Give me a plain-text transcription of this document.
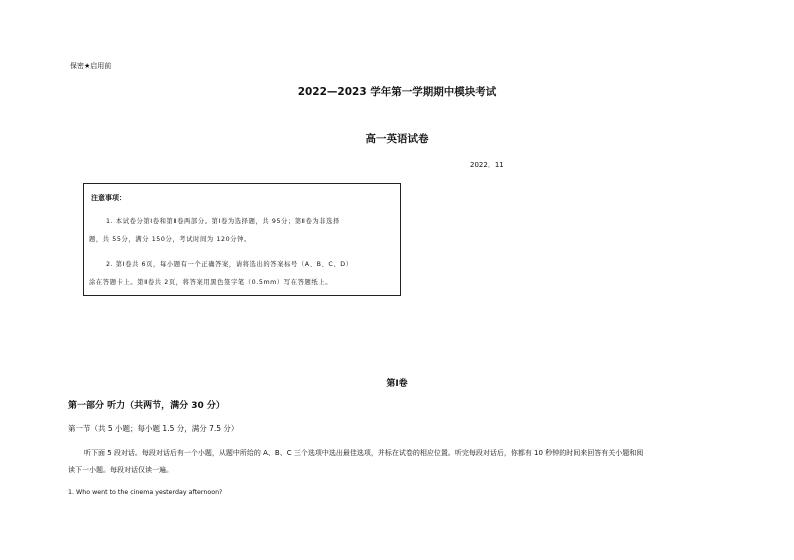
保密★启用前
2022—2023 学年第一学期期中模块考试
高一英语试卷
2022．11
注意事项：
1. 本试卷分第Ⅰ卷和第Ⅱ卷两部分。第Ⅰ卷为选择题，共 95分；第Ⅱ卷为非选择
题，共 55分，满分 150分，考试时间为 120分钟。
2. 第Ⅰ卷共 6页，每小题有一个正确答案，请将选出的答案标号（A、B、C、D）
涂在答题卡上。第Ⅱ卷共 2页，将答案用黑色签字笔（0.5mm）写在答题纸上。
第Ⅰ卷
第一部分 听力（共两节，满分 30 分）
第一节（共 5 小题；每小题 1.5 分，满分 7.5 分）
听下面 5 段对话。每段对话后有一个小题，从题中所给的 A、B、C 三个选项中选出最佳选项，并标在试卷的相应位置。听完每段对话后，你都有 10 秒钟的时间来回答有关小题和阅
读下一小题。每段对话仅读一遍。
1. Who went to the cinema yesterday afternoon?
